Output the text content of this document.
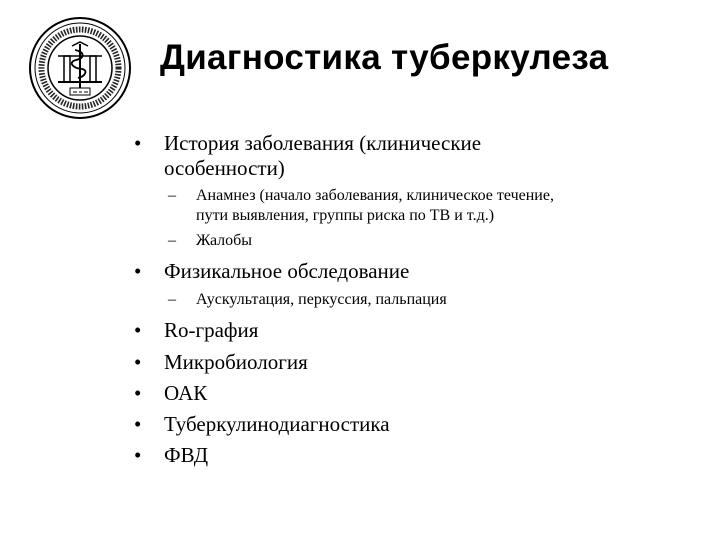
Диагностика туберкулеза
• История заболевания (клинические
особенности)
– Анамнез (начало заболевания, клиническое течение,
пути выявления, группы риска по ТВ и т.д.)
– Жалобы
• Физикальное обследование
– Аускультация, перкуссия, пальпация
• Ro-графия
• Микробиология
• ОАК
• Туберкулинодиагностика
• ФВД
